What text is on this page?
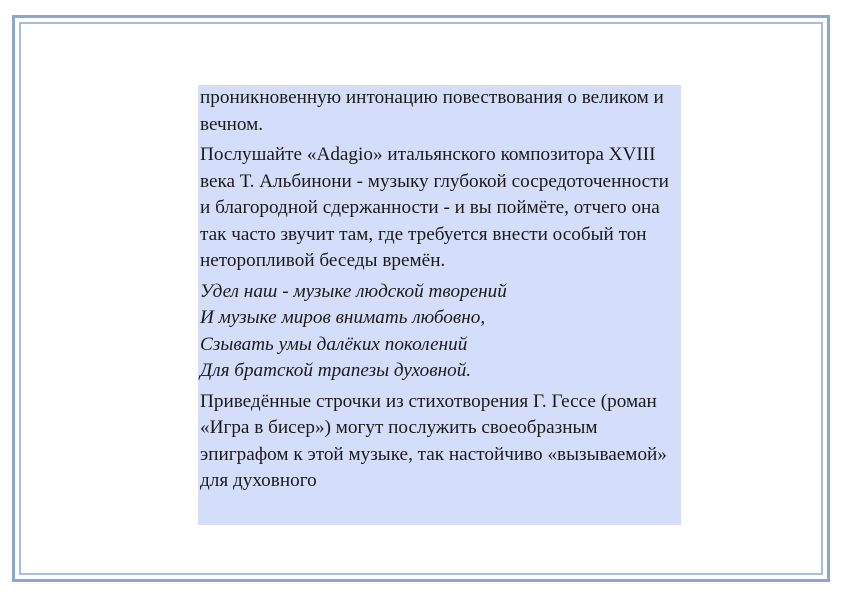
проникновенную интонацию повествования о великом и вечном.

Послушайте «Adagio» итальянского композитора XVIII века Т. Альбинони - музыку глубокой сосредоточенности и благородной сдержанности - и вы поймёте, отчего она так часто звучит там, где требуется внести особый тон неторопливой беседы времён.

Удел наш - музыке людской творений
И музыке миров внимать любовно,
Сзывать умы далёких поколений
Для братской трапезы духовной.

Приведённые строчки из стихотворения Г. Гессе (роман «Игра в бисер») могут послужить своеобразным эпиграфом к этой музыке, так настойчиво «вызываемой» для духовного
